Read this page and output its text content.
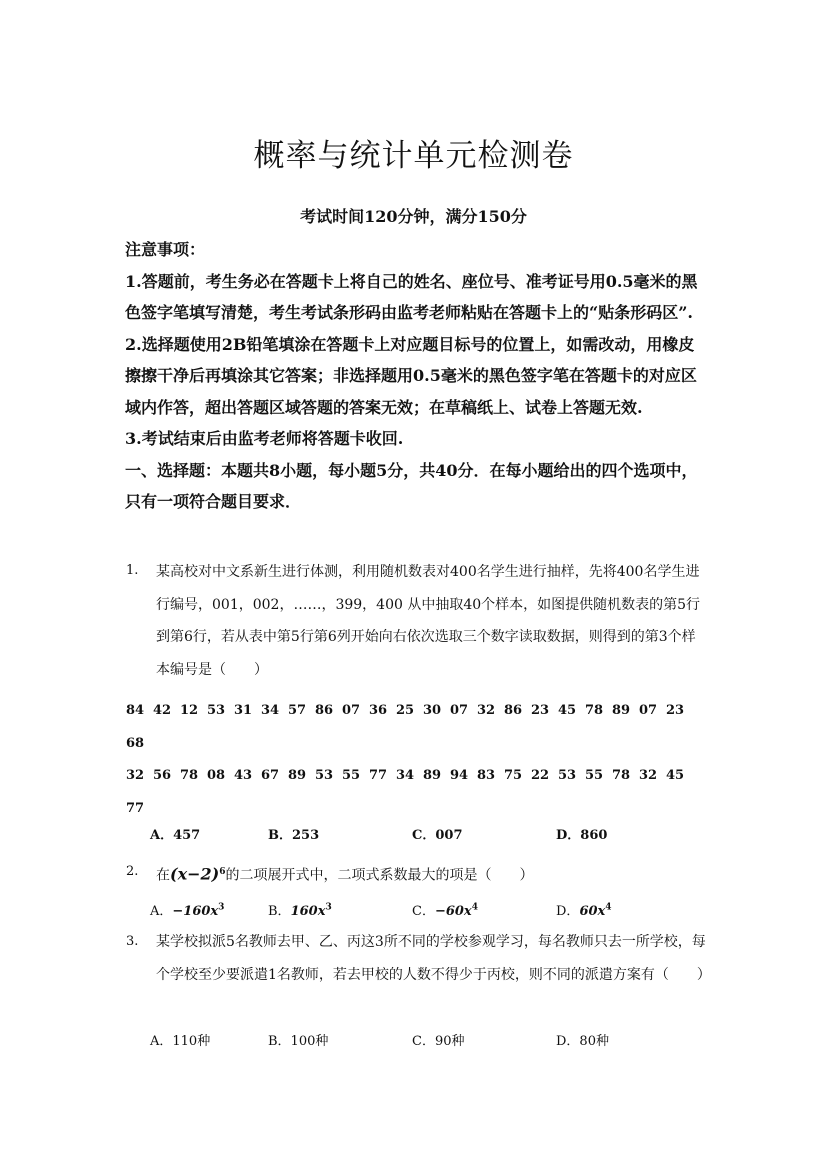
概率与统计单元检测卷
考试时间120分钟，满分150分

注意事项：

1.答题前，考生务必在答题卡上将自己的姓名、座位号、准考证号用0.5毫米的黑色签字笔填写清楚，考生考试条形码由监考老师粘贴在答题卡上的“贴条形码区”.

2.选择题使用2B铅笔填涂在答题卡上对应题目标号的位置上，如需改动，用橡皮擦擦干净后再填涂其它答案；非选择题用0.5毫米的黑色签字笔在答题卡的对应区域内作答，超出答题区域答题的答案无效；在草稿纸上、试卷上答题无效.

3.考试结束后由监考老师将答题卡收回.

一、选择题：本题共8小题，每小题5分，共40分．在每小题给出的四个选项中，只有一项符合题目要求．

1.	某高校对中文系新生进行体测，利用随机数表对400名学生进行抽样，先将400名学生进行编号，001，002，……，399，400 从中抽取40个样本，如图提供随机数表的第5行到第6行，若从表中第5行第6列开始向右依次选取三个数字读取数据，则得到的第3个样本编号是（　　）
84 42 12 53 31 34 57 86 07 36 25 30 07 32 86 23 45 78 89 07 23
68
32 56 78 08 43 67 89 53 55 77 34 89 94 83 75 22 53 55 78 32 45
77
A．457	B．253	C．007	D．860
2.	在$(x-2)^6$的二项展开式中，二项式系数最大的项是（　　）
A．$-160x^3$	B．$160x^3$	C．$-60x^4$	D．$60x^4$
3.	某学校拟派5名教师去甲、乙、丙这3所不同的学校参观学习，每名教师只去一所学校，每个学校至少要派遣1名教师，若去甲校的人数不得少于丙校，则不同的派遣方案有（　　）
A．110种	B．100种	C．90种	D．80种
